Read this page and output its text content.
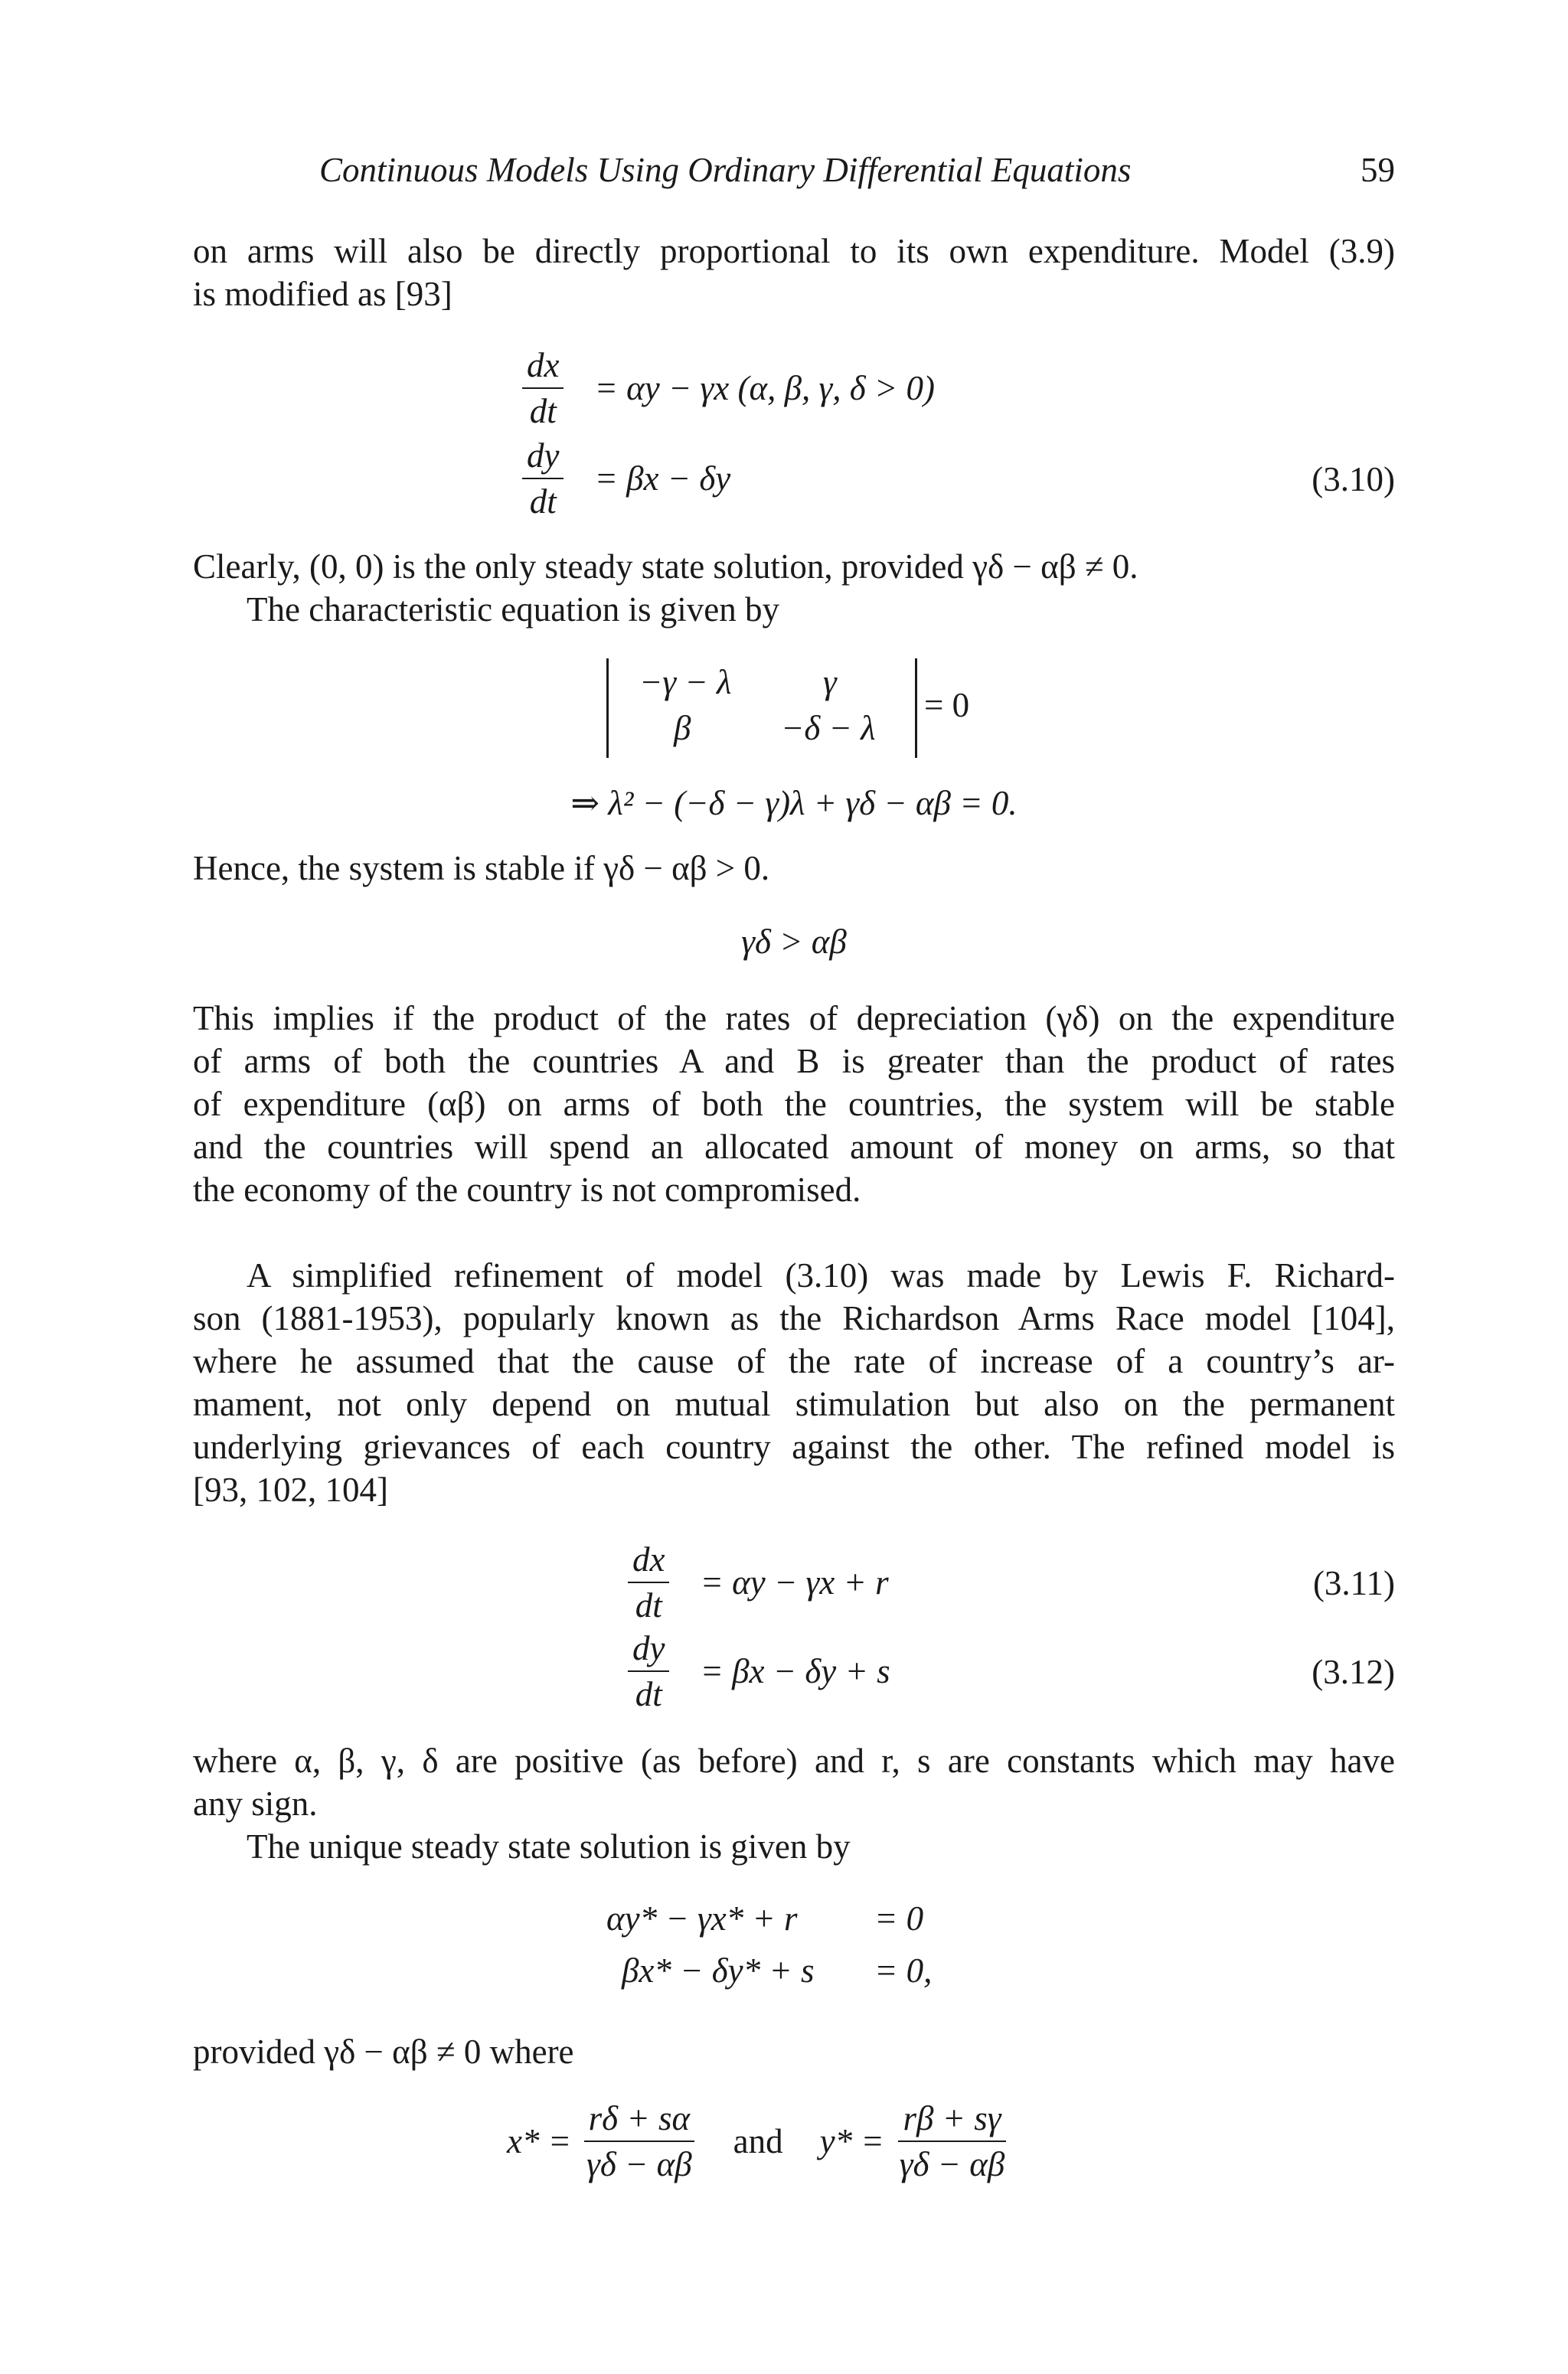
Continuous Models Using Ordinary Differential Equations	59
on arms will also be directly proportional to its own expenditure. Model (3.9)
is modified as [93]
$\frac{dx}{dt} = \alpha y - \gamma x$ (α, β, γ, δ > 0)
$\frac{dy}{dt} = \beta x - \delta y$	(3.10)
Clearly, (0, 0) is the only steady state solution, provided γδ − αβ ≠ 0.
The characteristic equation is given by
−γ − λ	γ
β	−δ − λ
= 0
⇒ λ² − (−δ − γ)λ + γδ − αβ = 0.
Hence, the system is stable if γδ − αβ > 0.
γδ > αβ
This implies if the product of the rates of depreciation (γδ) on the expenditure
of arms of both the countries A and B is greater than the product of rates
of expenditure (αβ) on arms of both the countries, the system will be stable
and the countries will spend an allocated amount of money on arms, so that
the economy of the country is not compromised.
A simplified refinement of model (3.10) was made by Lewis F. Richard-
son (1881-1953), popularly known as the Richardson Arms Race model [104],
where he assumed that the cause of the rate of increase of a country’s ar-
mament, not only depend on mutual stimulation but also on the permanent
underlying grievances of each country against the other. The refined model is
[93, 102, 104]
$\frac{dx}{dt} = \alpha y - \gamma x + r$	(3.11)
$\frac{dy}{dt} = \beta x - \delta y + s$	(3.12)
where α, β, γ, δ are positive (as before) and r, s are constants which may have
any sign.
The unique steady state solution is given by
αy* − γx* + r = 0
βx* − δy* + s = 0,
provided γδ − αβ ≠ 0 where
$x* = \frac{r\delta + s\alpha}{\gamma\delta - \alpha\beta}$ and $y* = \frac{r\beta + s\gamma}{\gamma\delta - \alpha\beta}$
